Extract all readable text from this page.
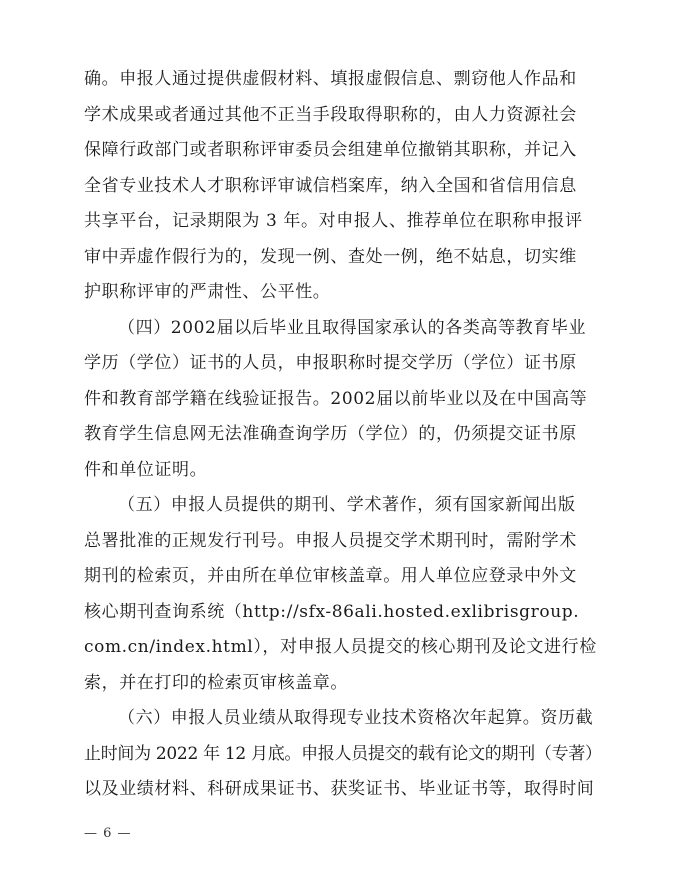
确。申报人通过提供虚假材料、填报虚假信息、剽窃他人作品和
学术成果或者通过其他不正当手段取得职称的，由人力资源社会
保障行政部门或者职称评审委员会组建单位撤销其职称，并记入
全省专业技术人才职称评审诚信档案库，纳入全国和省信用信息
共享平台，记录期限为 3 年。对申报人、推荐单位在职称申报评
审中弄虚作假行为的，发现一例、查处一例，绝不姑息，切实维
护职称评审的严肃性、公平性。

（四）2002届以后毕业且取得国家承认的各类高等教育毕业
学历（学位）证书的人员，申报职称时提交学历（学位）证书原
件和教育部学籍在线验证报告。2002届以前毕业以及在中国高等
教育学生信息网无法准确查询学历（学位）的，仍须提交证书原
件和单位证明。

（五）申报人员提供的期刊、学术著作，须有国家新闻出版
总署批准的正规发行刊号。申报人员提交学术期刊时，需附学术
期刊的检索页，并由所在单位审核盖章。用人单位应登录中外文
核心期刊查询系统（http://sfx-86ali.hosted.exlibrisgroup.
com.cn/index.html），对申报人员提交的核心期刊及论文进行检
索，并在打印的检索页审核盖章。

（六）申报人员业绩从取得现专业技术资格次年起算。资历截
止时间为 2022 年 12 月底。申报人员提交的载有论文的期刊（专著）
以及业绩材料、科研成果证书、获奖证书、毕业证书等，取得时间

— 6 —
